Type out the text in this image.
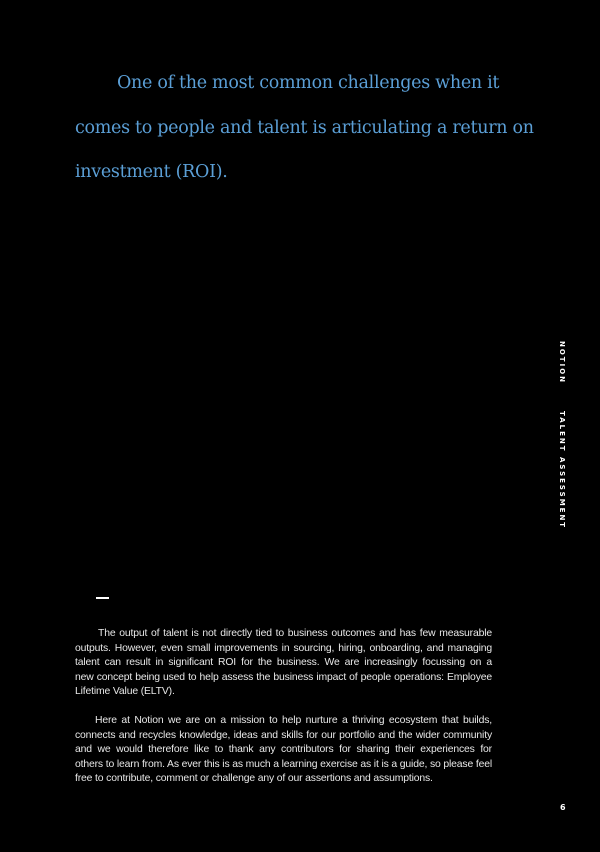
One of the most common challenges when it
comes to people and talent is articulating a return on
investment (ROI).
NOTION
TALENT ASSESSMENT
The output of talent is not directly tied to business outcomes and has few measurable
outputs. However, even small improvements in sourcing, hiring, onboarding, and managing
talent can result in significant ROI for the business. We are increasingly focussing on a
new concept being used to help assess the business impact of people operations: Employee
Lifetime Value (ELTV).
Here at Notion we are on a mission to help nurture a thriving ecosystem that builds,
connects and recycles knowledge, ideas and skills for our portfolio and the wider community
and we would therefore like to thank any contributors for sharing their experiences for
others to learn from. As ever this is as much a learning exercise as it is a guide, so please feel
free to contribute, comment or challenge any of our assertions and assumptions.
6
